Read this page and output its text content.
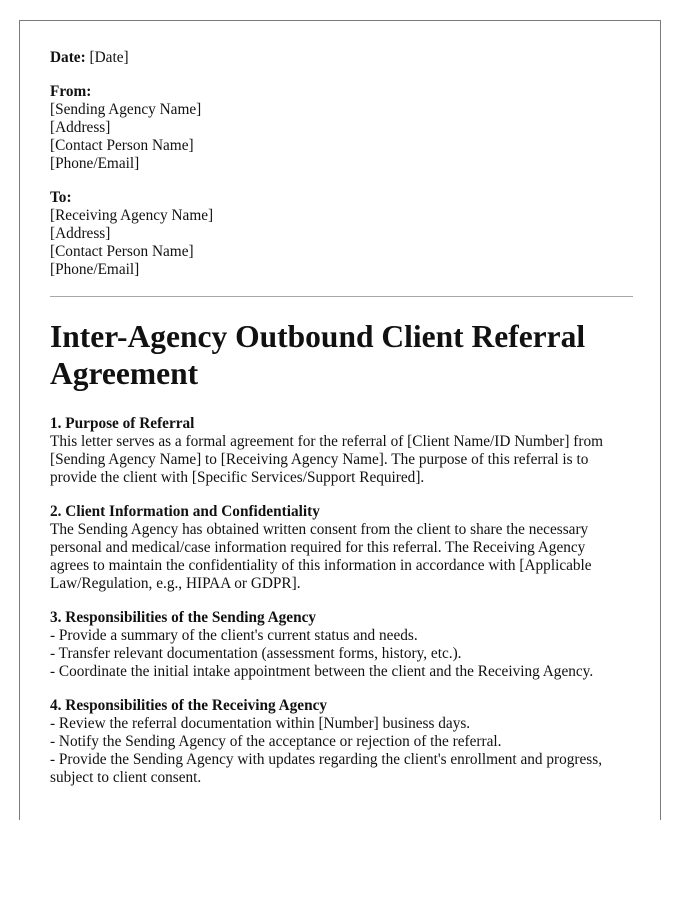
Date: [Date]
From:
[Sending Agency Name]
[Address]
[Contact Person Name]
[Phone/Email]
To:
[Receiving Agency Name]
[Address]
[Contact Person Name]
[Phone/Email]
Inter-Agency Outbound Client Referral
Agreement
1. Purpose of Referral
This letter serves as a formal agreement for the referral of [Client Name/ID Number] from
[Sending Agency Name] to [Receiving Agency Name]. The purpose of this referral is to
provide the client with [Specific Services/Support Required].
2. Client Information and Confidentiality
The Sending Agency has obtained written consent from the client to share the necessary
personal and medical/case information required for this referral. The Receiving Agency
agrees to maintain the confidentiality of this information in accordance with [Applicable
Law/Regulation, e.g., HIPAA or GDPR].
3. Responsibilities of the Sending Agency
- Provide a summary of the client's current status and needs.
- Transfer relevant documentation (assessment forms, history, etc.).
- Coordinate the initial intake appointment between the client and the Receiving Agency.
4. Responsibilities of the Receiving Agency
- Review the referral documentation within [Number] business days.
- Notify the Sending Agency of the acceptance or rejection of the referral.
- Provide the Sending Agency with updates regarding the client's enrollment and progress,
subject to client consent.
